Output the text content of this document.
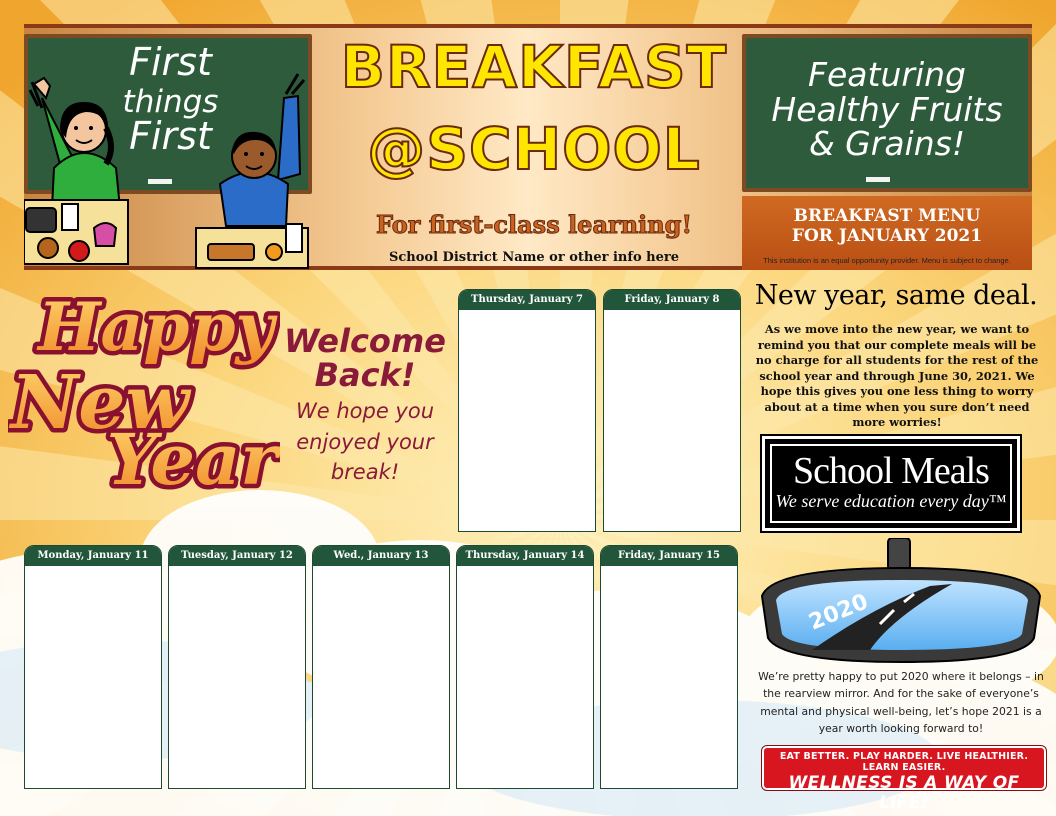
First
things
First
BREAKFAST
@SCHOOL
For first-class learning!
School District Name or other info here
Featuring
Healthy Fruits
& Grains!
BREAKFAST MENU
FOR JANUARY 2021
This institution is an equal opportunity provider. Menu is subject to change.
Happy
New
Year
Welcome Back!
We hope you enjoyed your break!
Thursday, January 7	Friday, January 8
Monday, January 11	Tuesday, January 12	Wed., January 13	Thursday, January 14	Friday, January 15
New year, same deal.
As we move into the new year, we want to remind you that our complete meals will be no charge for all students for the rest of the school year and through June 30, 2021. We hope this gives you one less thing to worry about at a time when you sure don’t need more worries!
School Meals
We serve education every day™
2020
We’re pretty happy to put 2020 where it belongs – in the rearview mirror. And for the sake of everyone’s mental and physical well-being, let’s hope 2021 is a year worth looking forward to!
EAT BETTER. PLAY HARDER. LIVE HEALTHIER. LEARN EASIER.
WELLNESS IS A WAY OF LIFE!
